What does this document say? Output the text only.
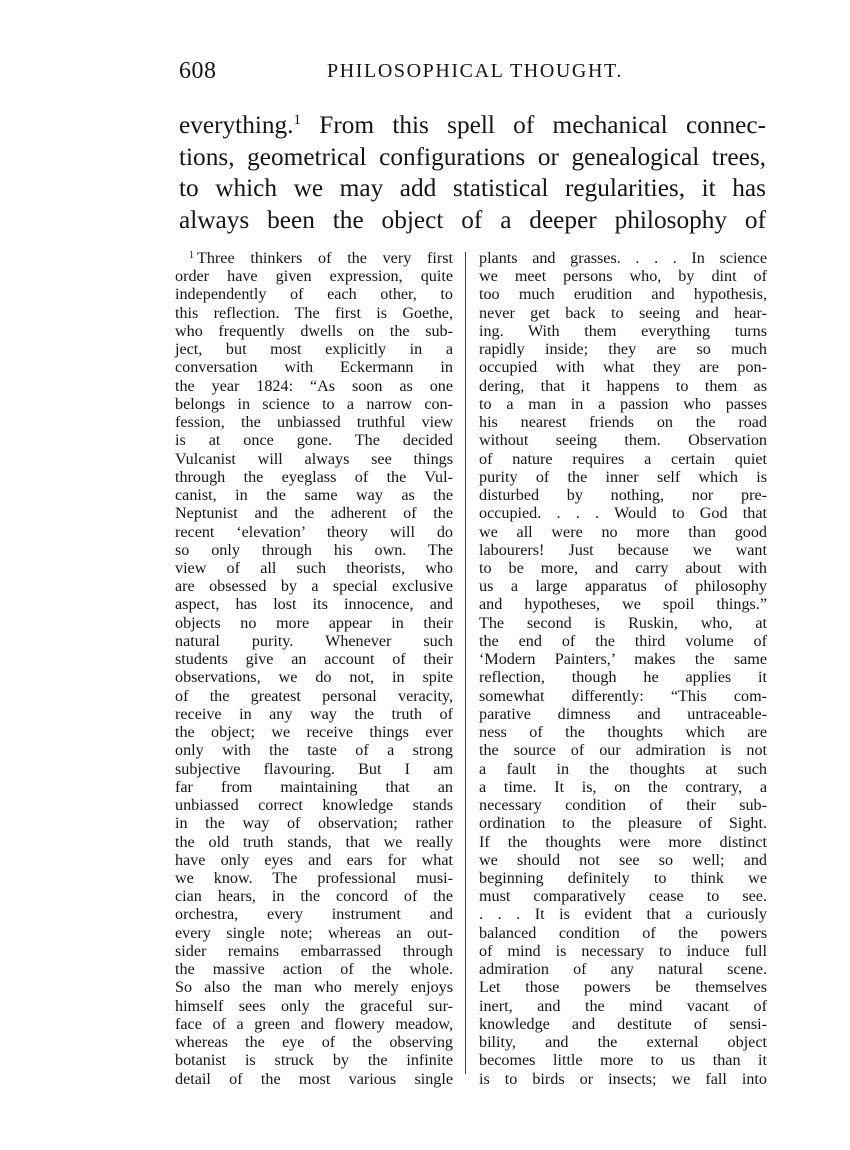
608	PHILOSOPHICAL THOUGHT.
everything.$^1$ From this spell of mechanical connec-
tions, geometrical configurations or genealogical trees,
to which we may add statistical regularities, it has
always been the object of a deeper philosophy of
$^1$ Three thinkers of the very first
order have given expression, quite
independently of each other, to
this reflection. The first is Goethe,
who frequently dwells on the sub-
ject, but most explicitly in a
conversation with Eckermann in
the year 1824: “As soon as one
belongs in science to a narrow con-
fession, the unbiassed truthful view
is at once gone. The decided
Vulcanist will always see things
through the eyeglass of the Vul-
canist, in the same way as the
Neptunist and the adherent of the
recent ‘elevation’ theory will do
so only through his own. The
view of all such theorists, who
are obsessed by a special exclusive
aspect, has lost its innocence, and
objects no more appear in their
natural purity. Whenever such
students give an account of their
observations, we do not, in spite
of the greatest personal veracity,
receive in any way the truth of
the object; we receive things ever
only with the taste of a strong
subjective flavouring. But I am
far from maintaining that an
unbiassed correct knowledge stands
in the way of observation; rather
the old truth stands, that we really
have only eyes and ears for what
we know. The professional musi-
cian hears, in the concord of the
orchestra, every instrument and
every single note; whereas an out-
sider remains embarrassed through
the massive action of the whole.
So also the man who merely enjoys
himself sees only the graceful sur-
face of a green and flowery meadow,
whereas the eye of the observing
botanist is struck by the infinite
detail of the most various single
plants and grasses. . . . In science
we meet persons who, by dint of
too much erudition and hypothesis,
never get back to seeing and hear-
ing. With them everything turns
rapidly inside; they are so much
occupied with what they are pon-
dering, that it happens to them as
to a man in a passion who passes
his nearest friends on the road
without seeing them. Observation
of nature requires a certain quiet
purity of the inner self which is
disturbed by nothing, nor pre-
occupied. . . . Would to God that
we all were no more than good
labourers! Just because we want
to be more, and carry about with
us a large apparatus of philosophy
and hypotheses, we spoil things.”
The second is Ruskin, who, at
the end of the third volume of
‘Modern Painters,’ makes the same
reflection, though he applies it
somewhat differently: “This com-
parative dimness and untraceable-
ness of the thoughts which are
the source of our admiration is not
a fault in the thoughts at such
a time. It is, on the contrary, a
necessary condition of their sub-
ordination to the pleasure of Sight.
If the thoughts were more distinct
we should not see so well; and
beginning definitely to think we
must comparatively cease to see.
. . . It is evident that a curiously
balanced condition of the powers
of mind is necessary to induce full
admiration of any natural scene.
Let those powers be themselves
inert, and the mind vacant of
knowledge and destitute of sensi-
bility, and the external object
becomes little more to us than it
is to birds or insects; we fall into
